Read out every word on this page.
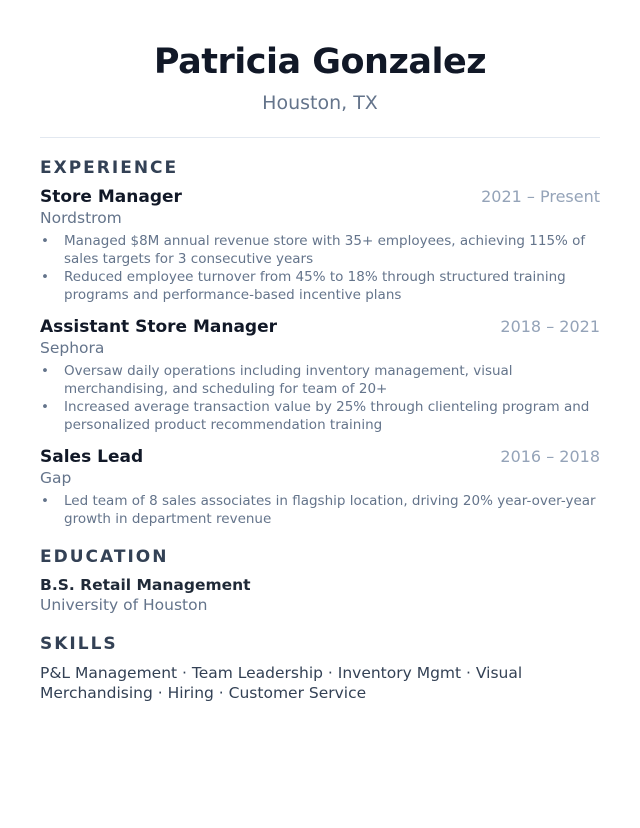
Patricia Gonzalez
Houston, TX
EXPERIENCE
Store Manager	2021 – Present
Nordstrom
• Managed $8M annual revenue store with 35+ employees, achieving 115% of sales targets for 3 consecutive years
• Reduced employee turnover from 45% to 18% through structured training programs and performance-based incentive plans
Assistant Store Manager	2018 – 2021
Sephora
• Oversaw daily operations including inventory management, visual merchandising, and scheduling for team of 20+
• Increased average transaction value by 25% through clienteling program and personalized product recommendation training
Sales Lead	2016 – 2018
Gap
• Led team of 8 sales associates in flagship location, driving 20% year-over-year growth in department revenue
EDUCATION
B.S. Retail Management
University of Houston
SKILLS
P&L Management · Team Leadership · Inventory Mgmt · Visual Merchandising · Hiring · Customer Service
